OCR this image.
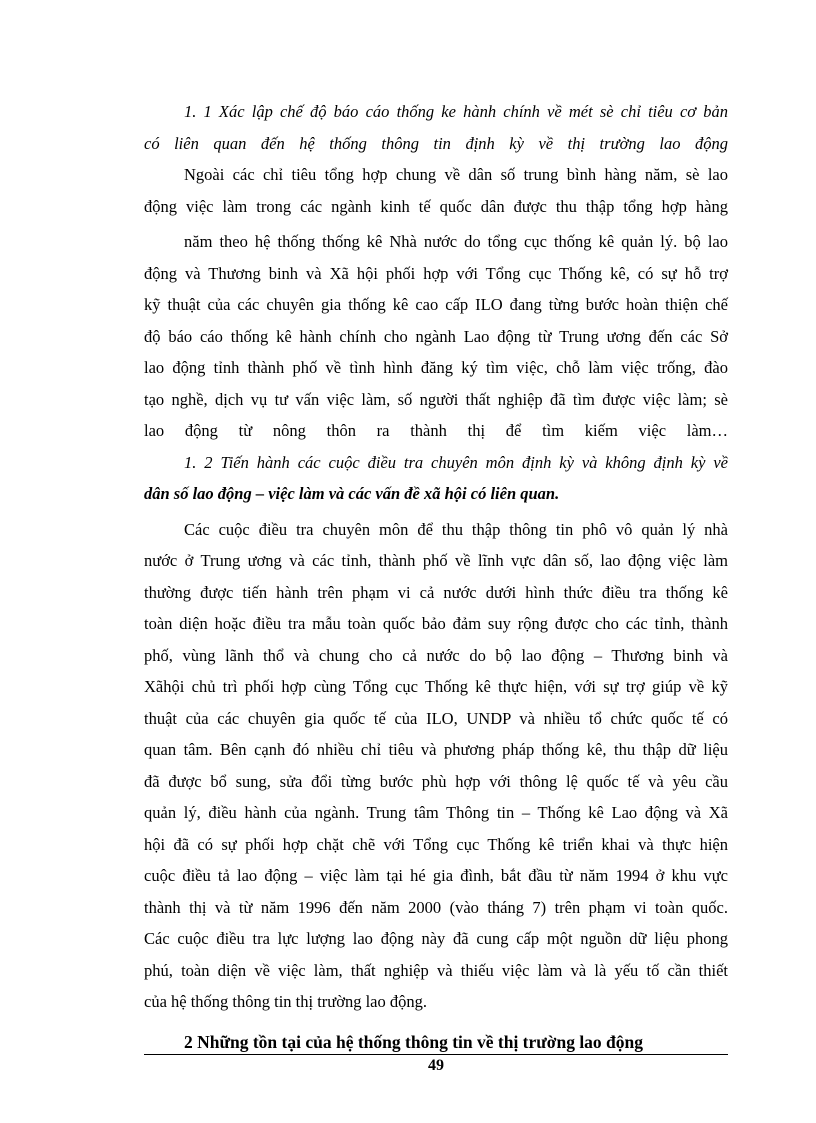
1. 1 Xác lập chế độ báo cáo thống ke hành chính về mét sè chỉ tiêu cơ bản

có liên quan đến hệ thống thông tin định kỳ về thị trường lao động

Ngoài các chỉ tiêu tổng hợp chung về dân số trung bình hàng năm, sè lao

động việc làm trong các ngành kinh tế quốc dân được thu thập tổng hợp hàng

năm theo hệ thống thống kê Nhà nước do tổng cục thống kê quản lý. bộ lao

động và Thương binh và Xã hội phối hợp với Tổng cục Thống kê, có sự hỗ trợ

kỹ thuật của các chuyên gia thống kê cao cấp ILO đang từng bước hoàn thiện chế

độ báo cáo thống kê hành chính cho ngành Lao động từ Trung ương đến các Sở

lao động tỉnh thành phố về tình hình đăng ký tìm việc, chỗ làm việc trống, đào

tạo nghề, dịch vụ tư vấn việc làm, số người thất nghiệp đã tìm được việc làm; sè

lao động từ nông thôn ra thành thị để tìm kiếm việc làm…

1. 2 Tiến hành các cuộc điều tra chuyên môn định kỳ và không định kỳ về

dân số lao động – việc làm và các vấn đề xã hội có liên quan.

Các cuộc điều tra chuyên môn để thu thập thông tin phô vô quản lý nhà

nước ở Trung ương và các tỉnh, thành phố về lĩnh vực dân số, lao động việc làm

thường được tiến hành trên phạm vi cả nước dưới hình thức điều tra thống kê

toàn diện hoặc điều tra mẫu toàn quốc bảo đảm suy rộng được cho các tỉnh, thành

phố, vùng lãnh thổ và chung cho cả nước do bộ lao động – Thương binh và

Xãhội chủ trì phối hợp cùng Tổng cục Thống kê thực hiện, với sự trợ giúp về kỹ

thuật của các chuyên gia quốc tế của ILO, UNDP và nhiều tổ chức quốc tế có

quan tâm. Bên cạnh đó nhiều chỉ tiêu và phương pháp thống kê, thu thập dữ liệu

đã được bổ sung, sửa đổi từng bước phù hợp với thông lệ quốc tế và yêu cầu

quản lý, điều hành của ngành. Trung tâm Thông tin – Thống kê Lao động và Xã

hội đã có sự phối hợp chặt chẽ với Tổng cục Thống kê triển khai và thực hiện

cuộc điều tả lao động – việc làm tại hé gia đình, bắt đầu từ năm 1994 ở khu vực

thành thị và từ năm 1996 đến năm 2000 (vào tháng 7) trên phạm vi toàn quốc.

Các cuộc điều tra lực lượng lao động này đã cung cấp một nguồn dữ liệu phong

phú, toàn diện về việc làm, thất nghiệp và thiếu việc làm và là yếu tố cần thiết

của hệ thống thông tin thị trường lao động.

2 Những tồn tại của hệ thống thông tin về thị trường lao động

49
